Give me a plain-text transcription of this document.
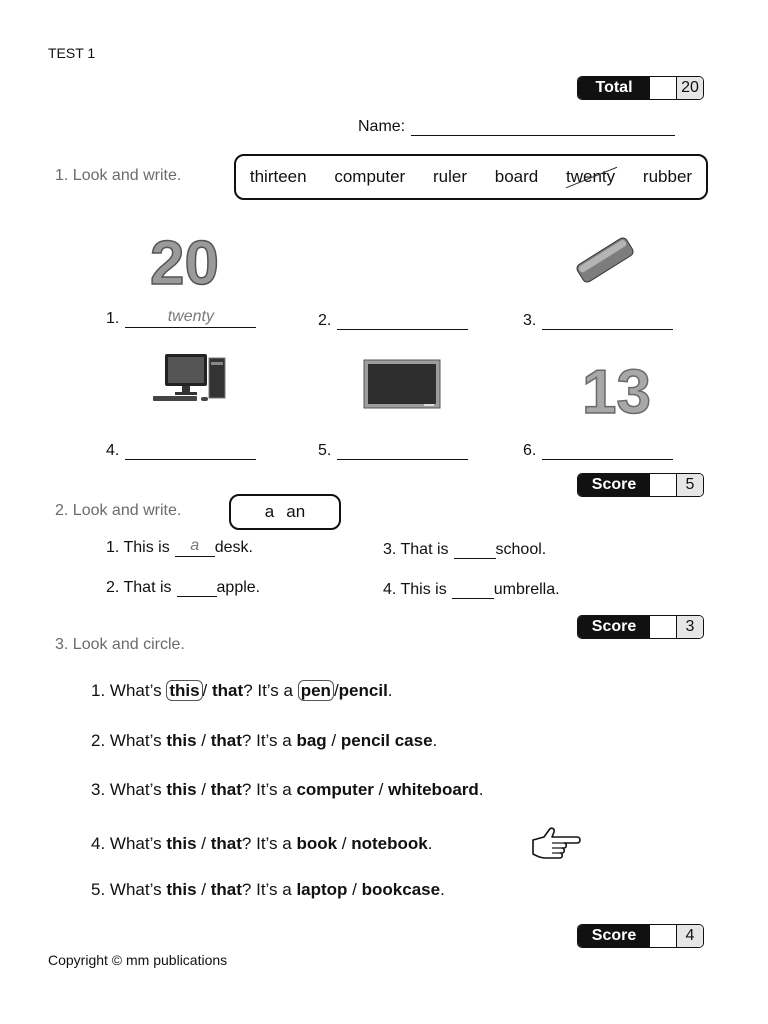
TEST 1
Total	20
Name:
1. Look and write.	thirteen computer ruler board twenty rubber
20
1.	twenty	2.	3.
13
4.	5.	6.
Score	5
2. Look and write.	a an
1. This is	a desk.
2. That is	apple.
3. That is	school.
4. This is	umbrella.
Score	3
3. Look and circle.
1. What’s this / that? It’s a pen /pencil.
2. What’s this / that? It’s a bag / pencil case.
3. What’s this / that? It’s a computer / whiteboard.
4. What’s this / that? It’s a book / notebook.
5. What’s this / that? It’s a laptop / bookcase.
Score	4
Copyright © mm publications
